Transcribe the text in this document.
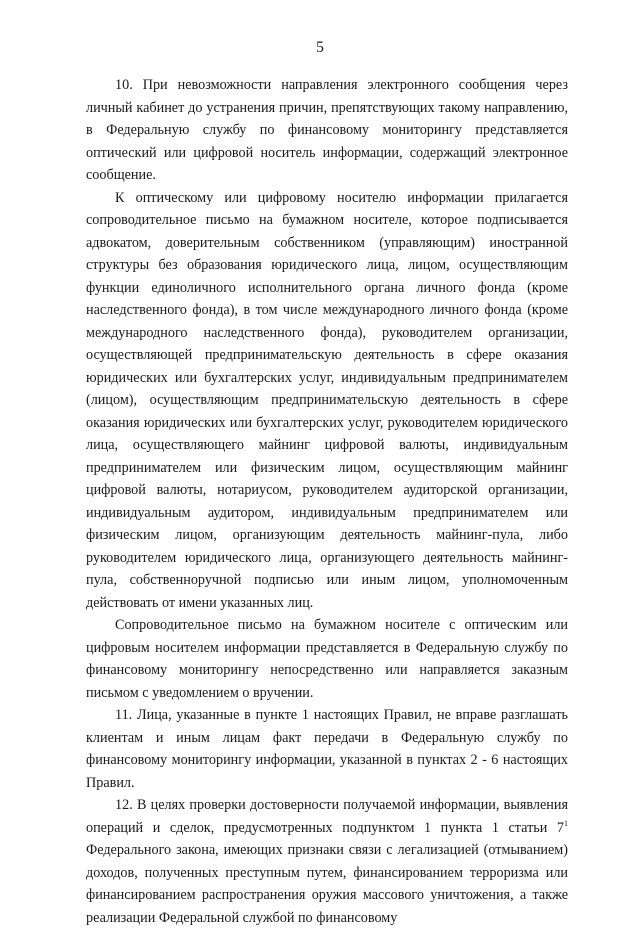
5

10. При невозможности направления электронного сообщения через личный кабинет до устранения причин, препятствующих такому направлению, в Федеральную службу по финансовому мониторингу представляется оптический или цифровой носитель информации, содержащий электронное сообщение.

К оптическому или цифровому носителю информации прилагается сопроводительное письмо на бумажном носителе, которое подписывается адвокатом, доверительным собственником (управляющим) иностранной структуры без образования юридического лица, лицом, осуществляющим функции единоличного исполнительного органа личного фонда (кроме наследственного фонда), в том числе международного личного фонда (кроме международного наследственного фонда), руководителем организации, осуществляющей предпринимательскую деятельность в сфере оказания юридических или бухгалтерских услуг, индивидуальным предпринимателем (лицом), осуществляющим предпринимательскую деятельность в сфере оказания юридических или бухгалтерских услуг, руководителем юридического лица, осуществляющего майнинг цифровой валюты, индивидуальным предпринимателем или физическим лицом, осуществляющим майнинг цифровой валюты, нотариусом, руководителем аудиторской организации, индивидуальным аудитором, индивидуальным предпринимателем или физическим лицом, организующим деятельность майнинг-пула, либо руководителем юридического лица, организующего деятельность майнинг-пула, собственноручной подписью или иным лицом, уполномоченным действовать от имени указанных лиц.

Сопроводительное письмо на бумажном носителе с оптическим или цифровым носителем информации представляется в Федеральную службу по финансовому мониторингу непосредственно или направляется заказным письмом с уведомлением о вручении.

11. Лица, указанные в пункте 1 настоящих Правил, не вправе разглашать клиентам и иным лицам факт передачи в Федеральную службу по финансовому мониторингу информации, указанной в пунктах 2 - 6 настоящих Правил.

12. В целях проверки достоверности получаемой информации, выявления операций и сделок, предусмотренных подпунктом 1 пункта 1 статьи $7^1$ Федерального закона, имеющих признаки связи с легализацией (отмыванием) доходов, полученных преступным путем, финансированием терроризма или финансированием распространения оружия массового уничтожения, а также реализации Федеральной службой по финансовому
